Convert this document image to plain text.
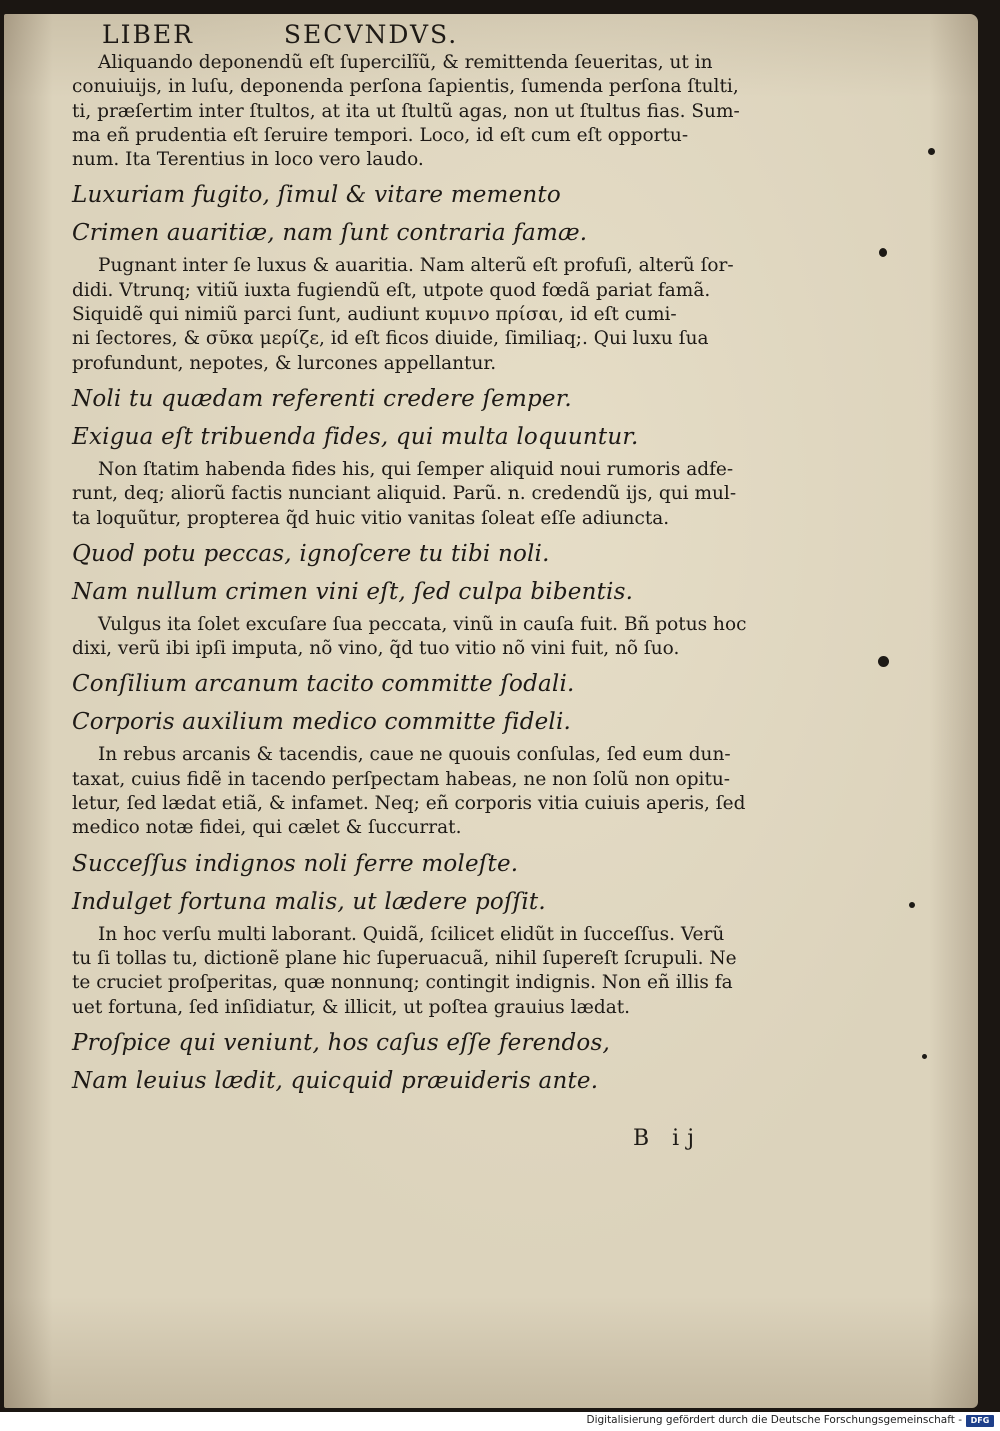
LIBER	SECVNDVS.
Aliquando deponendũ eſt ſupercilĩũ, & remittenda ſeueritas, ut in
conuiuijs, in luſu, deponenda perſona ſapientis, ſumenda perſona ſtulti,
ti, præſertim inter ſtultos, at ita ut ſtultũ agas, non ut ſtultus fias. Sum-
ma eñ prudentia eſt ſeruire tempori. Loco, id eſt cum eſt opportu-
num. Ita Terentius in loco vero laudo.
Luxuriam fugito, ſimul & vitare memento
Crimen auaritiæ, nam ſunt contraria famæ.
Pugnant inter ſe luxus & auaritia. Nam alterũ eſt profuſi, alterũ ſor-
didi. Vtrunq; vitiũ iuxta fugiendũ eſt, utpote quod fœdã pariat famã.
Siquidẽ qui nimiũ parci ſunt, audiunt κυμινο πρίσαι, id eſt cumi-
ni ſectores, & σῦκα μερίζε, id eſt ficos diuide, ſimiliaq;. Qui luxu ſua
profundunt, nepotes, & lurcones appellantur.
Noli tu quædam referenti credere ſemper.
Exigua eſt tribuenda fides, qui multa loquuntur.
Non ſtatim habenda fides his, qui ſemper aliquid noui rumoris adfe-
runt, deq; aliorũ factis nunciant aliquid. Parũ. n. credendũ ijs, qui mul-
ta loquũtur, propterea q̃d huic vitio vanitas ſoleat eſſe adiuncta.
Quod potu peccas, ignoſcere tu tibi noli.
Nam nullum crimen vini eſt, ſed culpa bibentis.
Vulgus ita ſolet excuſare ſua peccata, vinũ in cauſa fuit. Bñ potus hoc
dixi, verũ ibi ipſi imputa, nõ vino, q̃d tuo vitio nõ vini fuit, nõ ſuo.
Conſilium arcanum tacito committe ſodali.
Corporis auxilium medico committe fideli.
In rebus arcanis & tacendis, caue ne quouis conſulas, ſed eum dun-
taxat, cuius fidẽ in tacendo perſpectam habeas, ne non ſolũ non opitu-
letur, ſed lædat etiã, & infamet. Neq; eñ corporis vitia cuiuis aperis, ſed
medico notæ fidei, qui cælet & ſuccurrat.
Succeſſus indignos noli ferre moleſte.
Indulget fortuna malis, ut lædere poſſit.
In hoc verſu multi laborant. Quidã, ſcilicet elidũt in ſucceſſus. Verũ
tu ſi tollas tu, dictionẽ plane hic ſuperuacuã, nihil ſupereſt ſcrupuli. Ne
te cruciet proſperitas, quæ nonnunq; contingit indignis. Non eñ illis fa
uet fortuna, ſed inſidiatur, & illicit, ut poſtea grauius lædat.
Proſpice qui veniunt, hos caſus eſſe ferendos,
Nam leuius lædit, quicquid præuideris ante.
B ij
Digitalisierung gefördert durch die Deutsche Forschungsgemeinschaft -	DFG
